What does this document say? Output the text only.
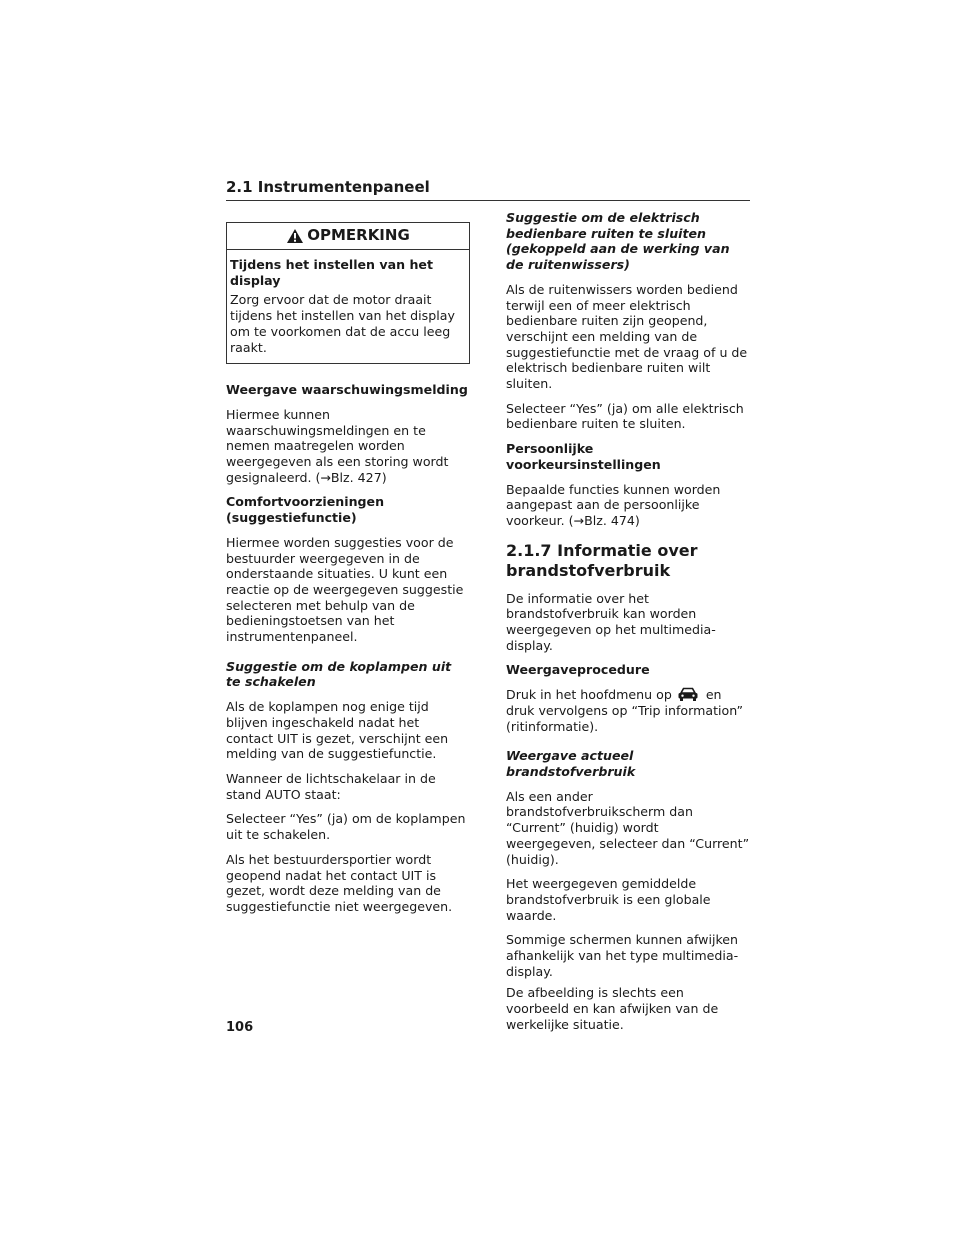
2.1 Instrumentenpaneel
OPMERKING

Tijdens het instellen van het display

Zorg ervoor dat de motor draait tijdens het instellen van het display om te voorkomen dat de accu leeg raakt.

Weergave waarschuwingsmelding

Hiermee kunnen waarschuwingsmeldingen en te nemen maatregelen worden weergegeven als een storing wordt gesignaleerd. (→Blz. 427)

Comfortvoorzieningen (suggestiefunctie)

Hiermee worden suggesties voor de bestuurder weergegeven in de onderstaande situaties. U kunt een reactie op de weergegeven suggestie selecteren met behulp van de bedieningstoetsen van het instrumentenpaneel.

Suggestie om de koplampen uit te schakelen

Als de koplampen nog enige tijd blijven ingeschakeld nadat het contact UIT is gezet, verschijnt een melding van de suggestiefunctie.

Wanneer de lichtschakelaar in de stand AUTO staat:

Selecteer “Yes” (ja) om de koplampen uit te schakelen.

Als het bestuurdersportier wordt geopend nadat het contact UIT is gezet, wordt deze melding van de suggestiefunctie niet weergegeven.

Suggestie om de elektrisch bedienbare ruiten te sluiten (gekoppeld aan de werking van de ruitenwissers)

Als de ruitenwissers worden bediend terwijl een of meer elektrisch bedienbare ruiten zijn geopend, verschijnt een melding van de suggestiefunctie met de vraag of u de elektrisch bedienbare ruiten wilt sluiten.

Selecteer “Yes” (ja) om alle elektrisch bedienbare ruiten te sluiten.

Persoonlijke voorkeursinstellingen

Bepaalde functies kunnen worden aangepast aan de persoonlijke voorkeur. (→Blz. 474)

2.1.7 Informatie over brandstofverbruik

De informatie over het brandstofverbruik kan worden weergegeven op het multimedia-display.

Weergaveprocedure

Druk in het hoofdmenu op	en druk vervolgens op “Trip information” (ritinformatie).

Weergave actueel brandstofverbruik

Als een ander brandstofverbruikscherm dan “Current” (huidig) wordt weergegeven, selecteer dan “Current” (huidig).

Het weergegeven gemiddelde brandstofverbruik is een globale waarde.

Sommige schermen kunnen afwijken afhankelijk van het type multimedia-display.

De afbeelding is slechts een voorbeeld en kan afwijken van de werkelijke situatie.

106
